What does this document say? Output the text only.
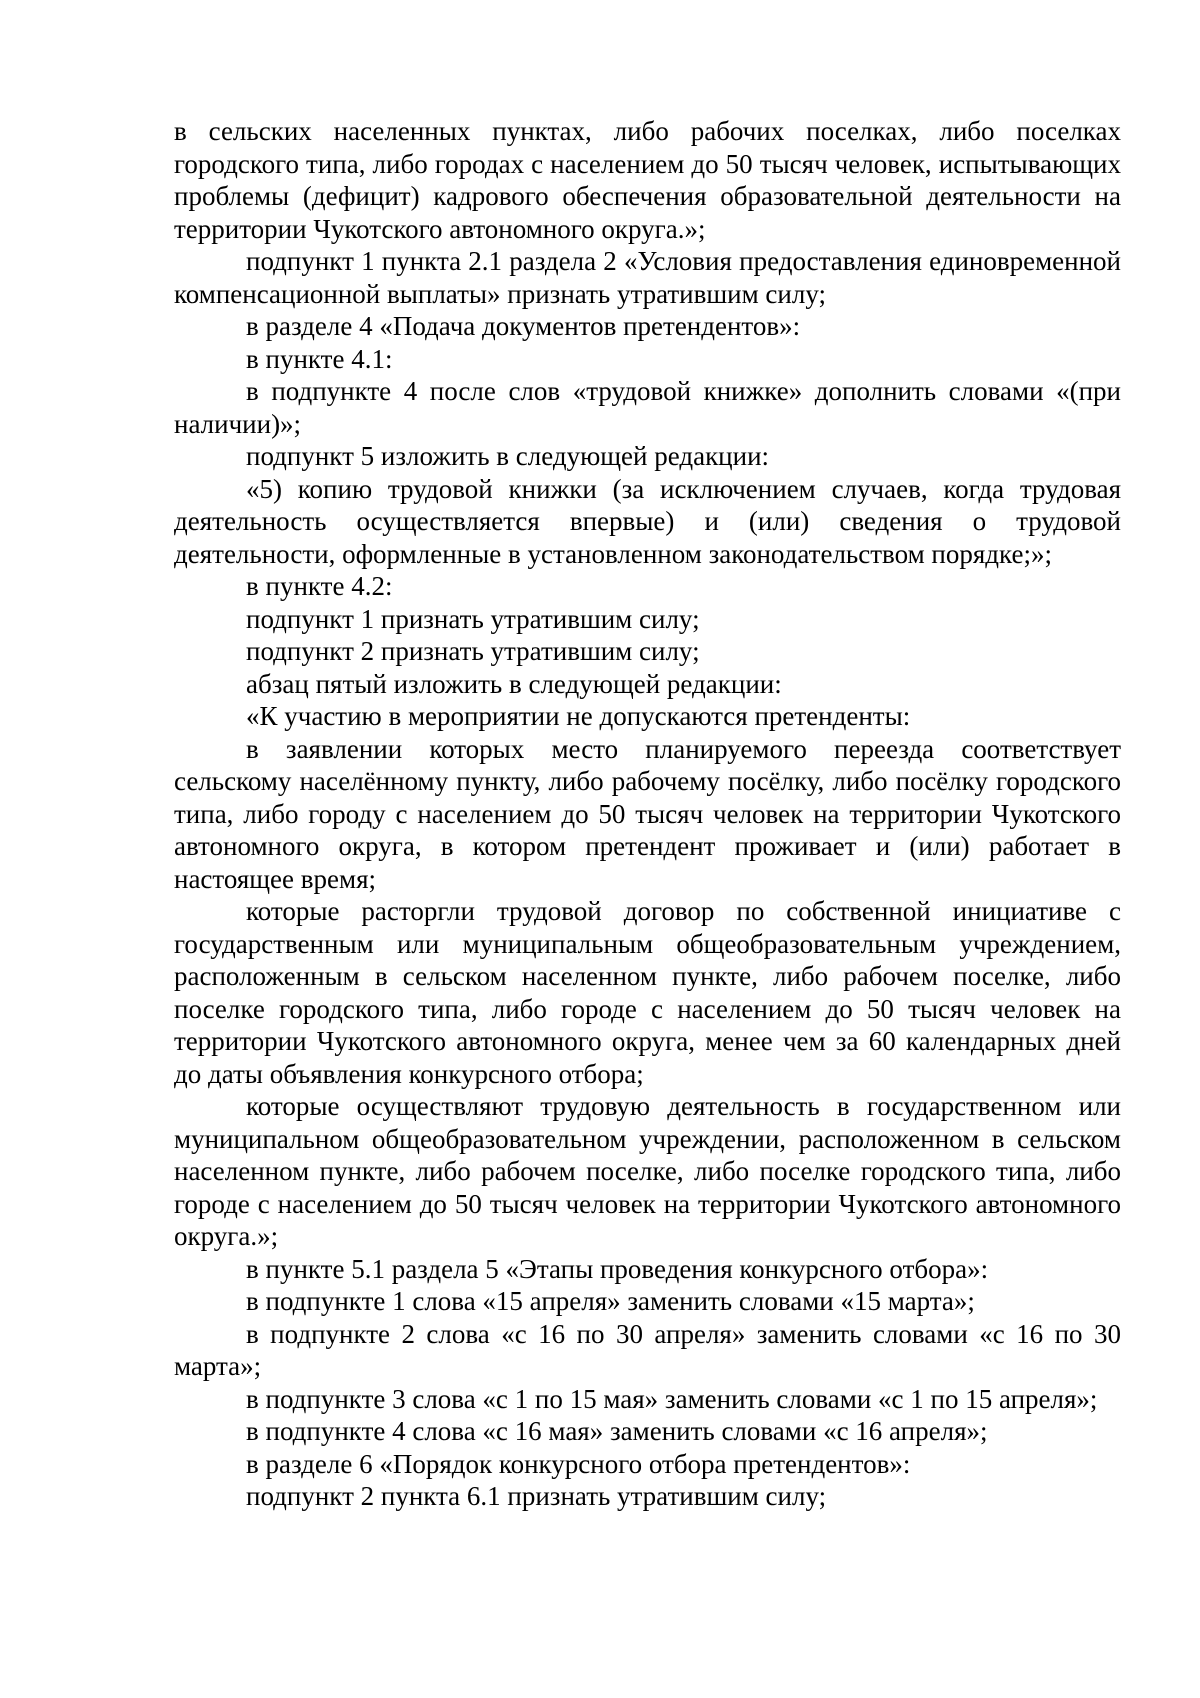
в сельских населенных пунктах, либо рабочих поселках, либо поселках городского типа, либо городах с населением до 50 тысяч человек, испытывающих проблемы (дефицит) кадрового обеспечения образовательной деятельности на территории Чукотского автономного округа.»;

подпункт 1 пункта 2.1 раздела 2 «Условия предоставления единовременной компенсационной выплаты» признать утратившим силу;

в разделе 4 «Подача документов претендентов»:

в пункте 4.1:

в подпункте 4 после слов «трудовой книжке» дополнить словами «(при наличии)»;

подпункт 5 изложить в следующей редакции:

«5) копию трудовой книжки (за исключением случаев, когда трудовая деятельность осуществляется впервые) и (или) сведения о трудовой деятельности, оформленные в установленном законодательством порядке;»;

в пункте 4.2:

подпункт 1 признать утратившим силу;

подпункт 2 признать утратившим силу;

абзац пятый изложить в следующей редакции:

«К участию в мероприятии не допускаются претенденты:

в заявлении которых место планируемого переезда соответствует сельскому населённому пункту, либо рабочему посёлку, либо посёлку городского типа, либо городу с населением до 50 тысяч человек на территории Чукотского автономного округа, в котором претендент проживает и (или) работает в настоящее время;

которые расторгли трудовой договор по собственной инициативе с государственным или муниципальным общеобразовательным учреждением, расположенным в сельском населенном пункте, либо рабочем поселке, либо поселке городского типа, либо городе с населением до 50 тысяч человек на территории Чукотского автономного округа, менее чем за 60 календарных дней до даты объявления конкурсного отбора;

которые осуществляют трудовую деятельность в государственном или муниципальном общеобразовательном учреждении, расположенном в сельском населенном пункте, либо рабочем поселке, либо поселке городского типа, либо городе с населением до 50 тысяч человек на территории Чукотского автономного округа.»;

в пункте 5.1 раздела 5 «Этапы проведения конкурсного отбора»:

в подпункте 1 слова «15 апреля» заменить словами «15 марта»;

в подпункте 2 слова «с 16 по 30 апреля» заменить словами «с 16 по 30 марта»;

в подпункте 3 слова «с 1 по 15 мая» заменить словами «с 1 по 15 апреля»;

в подпункте 4 слова «с 16 мая» заменить словами «с 16 апреля»;

в разделе 6 «Порядок конкурсного отбора претендентов»:

подпункт 2 пункта 6.1 признать утратившим силу;
